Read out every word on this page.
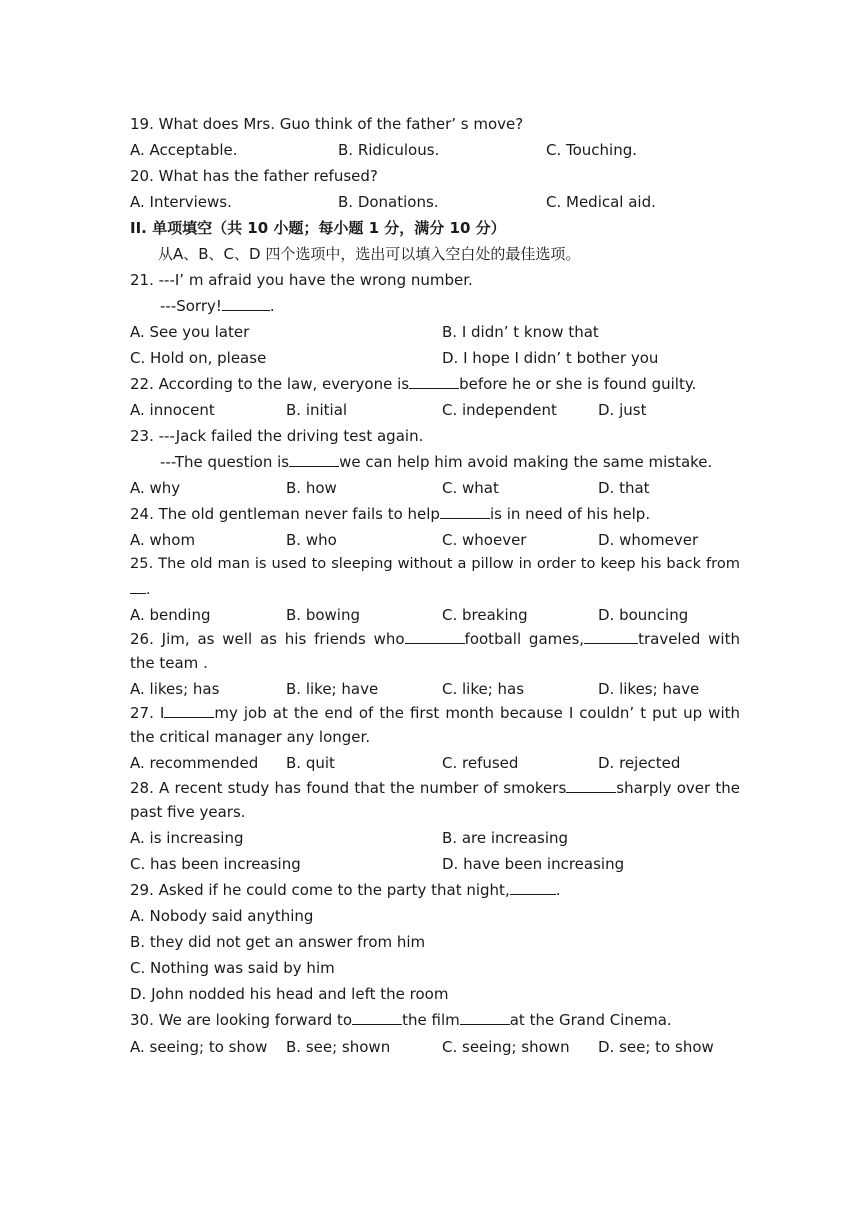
19. What does Mrs. Guo think of the father’ s move?
A. Acceptable.	B. Ridiculous.	C. Touching.
20. What has the father refused?
A. Interviews.	B. Donations.	C. Medical aid.
II. 单项填空（共 10 小题；每小题 1 分，满分 10 分）
从A、B、C、D 四个选项中，选出可以填入空白处的最佳选项。
21. ---I’ m afraid you have the wrong number.
---Sorry!	.
A. See you later	B. I didn’ t know that
C. Hold on, please	D. I hope I didn’ t bother you
22. According to the law, everyone is	before he or she is found guilty.
A. innocent	B. initial	C. independent	D. just
23. ---Jack failed the driving test again.
---The question is	we can help him avoid making the same mistake.
A. why	B. how	C. what	D. that
24. The old gentleman never fails to help	is in need of his help.
A. whom	B. who	C. whoever	D. whomever
25. The old man is used to sleeping without a pillow in order to keep his back from .
A. bending	B. bowing	C. breaking	D. bouncing
26. Jim, as well as his friends who	football games,	traveled with the team .
A. likes; has	B. like; have	C. like; has	D. likes; have
27. I	my job at the end of the first month because I couldn’ t put up with the critical manager any longer.
A. recommended B. quit	C. refused	D. rejected
28. A recent study has found that the number of smokers	sharply over the past five years.
A. is increasing	B. are increasing
C. has been increasing	D. have been increasing
29. Asked if he could come to the party that night,	.
A. Nobody said anything
B. they did not get an answer from him
C. Nothing was said by him
D. John nodded his head and left the room
30. We are looking forward to	the film	at the Grand Cinema.
A. seeing; to show B. see; shown	C. seeing; shown D. see; to show
